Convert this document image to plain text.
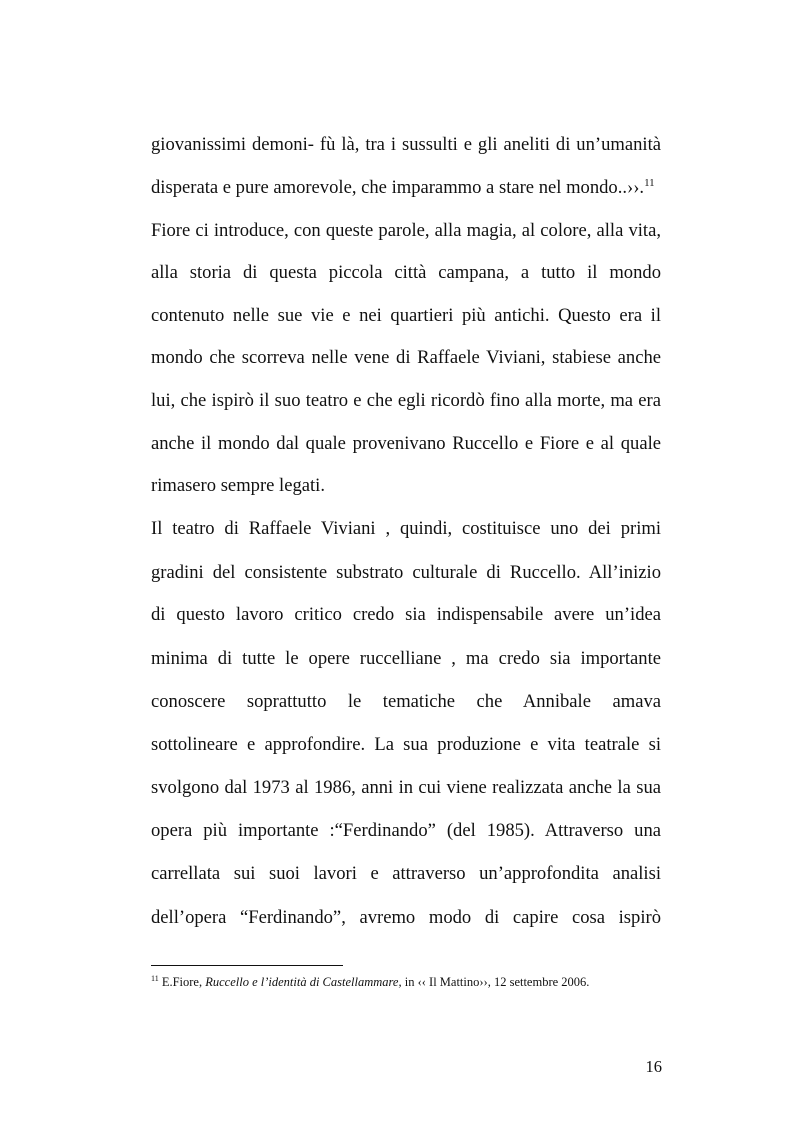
giovanissimi demoni- fù là, tra i sussulti e gli aneliti di un’umanità
disperata e pure amorevole, che imparammo a stare nel mondo..››.$^{11}$
Fiore ci introduce, con queste parole, alla magia, al colore, alla vita,
alla storia di questa piccola città campana, a tutto il mondo
contenuto nelle sue vie e nei quartieri più antichi. Questo era il
mondo che scorreva nelle vene di Raffaele Viviani, stabiese anche
lui, che ispirò il suo teatro e che egli ricordò fino alla morte, ma era
anche il mondo dal quale provenivano Ruccello e Fiore e al quale
rimasero sempre legati.
Il teatro di Raffaele Viviani , quindi, costituisce uno dei primi
gradini del consistente substrato culturale di Ruccello. All’inizio
di questo lavoro critico credo sia indispensabile avere un’idea
minima di tutte le opere ruccelliane , ma credo sia importante
conoscere soprattutto le tematiche che Annibale amava
sottolineare e approfondire. La sua produzione e vita teatrale si
svolgono dal 1973 al 1986, anni in cui viene realizzata anche la sua
opera più importante :“Ferdinando” (del 1985). Attraverso una
carrellata sui suoi lavori e attraverso un’approfondita analisi
dell’opera “Ferdinando”, avremo modo di capire cosa ispirò
$^{11}$ E.Fiore, Ruccello e l’identità di Castellammare, in ‹‹ Il Mattino››, 12 settembre 2006.
16
